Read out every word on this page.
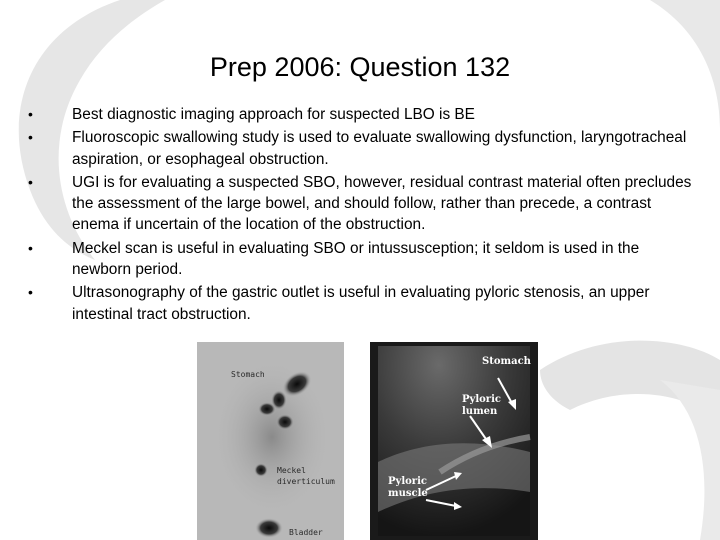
Prep 2006: Question 132
•	Best diagnostic imaging approach for suspected LBO is BE
•	Fluoroscopic swallowing study is used to evaluate swallowing dysfunction, laryngotracheal aspiration, or esophageal obstruction.
•	UGI is for evaluating a suspected SBO, however, residual contrast material often precludes the assessment of the large bowel, and should follow, rather than precede, a contrast enema if uncertain of the location of the obstruction.
•	Meckel scan is useful in evaluating SBO or intussusception; it seldom is used in the newborn period.
•	Ultrasonography of the gastric outlet is useful in evaluating pyloric stenosis, an upper intestinal tract obstruction.
Stomach
Meckel
diverticulum
Bladder
Stomach
Pyloric
lumen
Pyloric
muscle
